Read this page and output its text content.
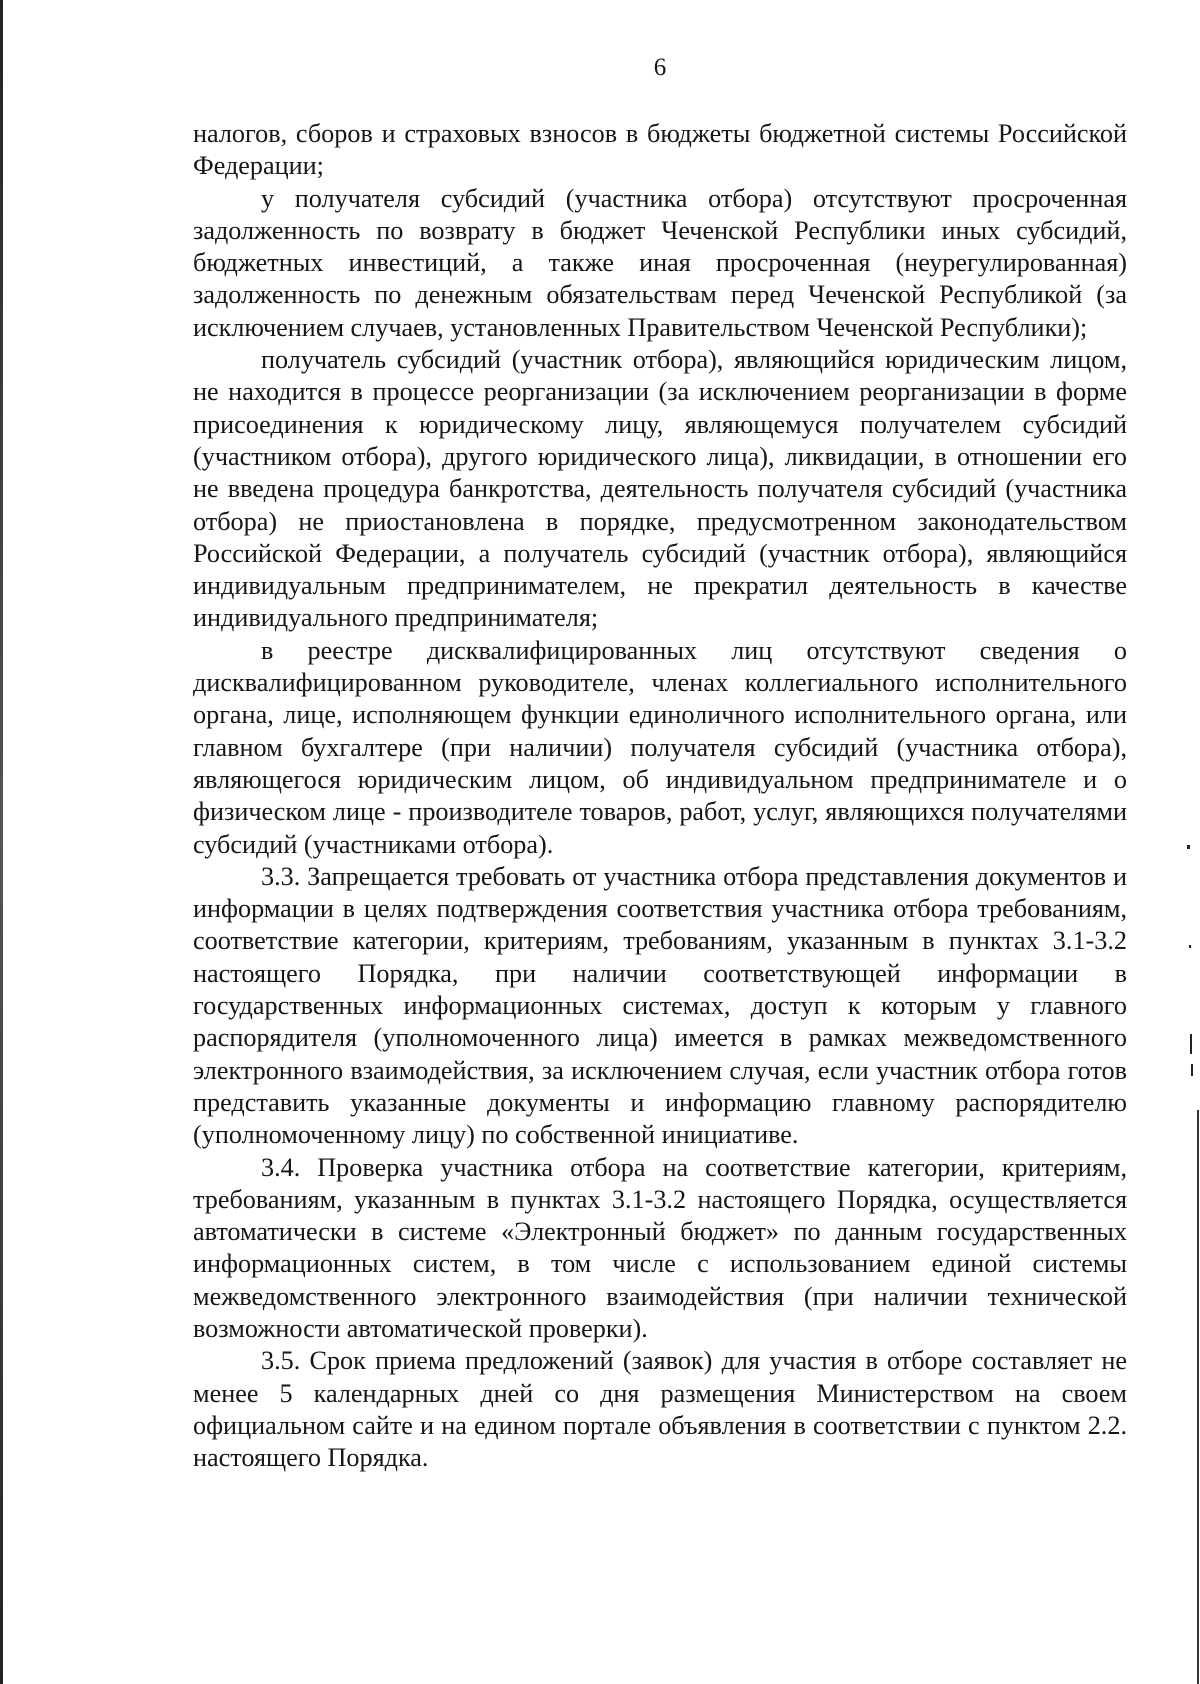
6

налогов, сборов и страховых взносов в бюджеты бюджетной системы Российской Федерации;

у получателя субсидий (участника отбора) отсутствуют просроченная задолженность по возврату в бюджет Чеченской Республики иных субсидий, бюджетных инвестиций, а также иная просроченная (неурегулированная) задолженность по денежным обязательствам перед Чеченской Республикой (за исключением случаев, установленных Правительством Чеченской Республики);

получатель субсидий (участник отбора), являющийся юридическим лицом, не находится в процессе реорганизации (за исключением реорганизации в форме присоединения к юридическому лицу, являющемуся получателем субсидий (участником отбора), другого юридического лица), ликвидации, в отношении его не введена процедура банкротства, деятельность получателя субсидий (участника отбора) не приостановлена в порядке, предусмотренном законодательством Российской Федерации, а получатель субсидий (участник отбора), являющийся индивидуальным предпринимателем, не прекратил деятельность в качестве индивидуального предпринимателя;

в реестре дисквалифицированных лиц отсутствуют сведения о дисквалифицированном руководителе, членах коллегиального исполнительного органа, лице, исполняющем функции единоличного исполнительного органа, или главном бухгалтере (при наличии) получателя субсидий (участника отбора), являющегося юридическим лицом, об индивидуальном предпринимателе и о физическом лице - производителе товаров, работ, услуг, являющихся получателями субсидий (участниками отбора).

3.3. Запрещается требовать от участника отбора представления документов и информации в целях подтверждения соответствия участника отбора требованиям, соответствие категории, критериям, требованиям, указанным в пунктах 3.1-3.2 настоящего Порядка, при наличии соответствующей информации в государственных информационных системах, доступ к которым у главного распорядителя (уполномоченного лица) имеется в рамках межведомственного электронного взаимодействия, за исключением случая, если участник отбора готов представить указанные документы и информацию главному распорядителю (уполномоченному лицу) по собственной инициативе.

3.4. Проверка участника отбора на соответствие категории, критериям, требованиям, указанным в пунктах 3.1-3.2 настоящего Порядка, осуществляется автоматически в системе «Электронный бюджет» по данным государственных информационных систем, в том числе с использованием единой системы межведомственного электронного взаимодействия (при наличии технической возможности автоматической проверки).

3.5. Срок приема предложений (заявок) для участия в отборе составляет не менее 5 календарных дней со дня размещения Министерством на своем официальном сайте и на едином портале объявления в соответствии с пунктом 2.2. настоящего Порядка.
